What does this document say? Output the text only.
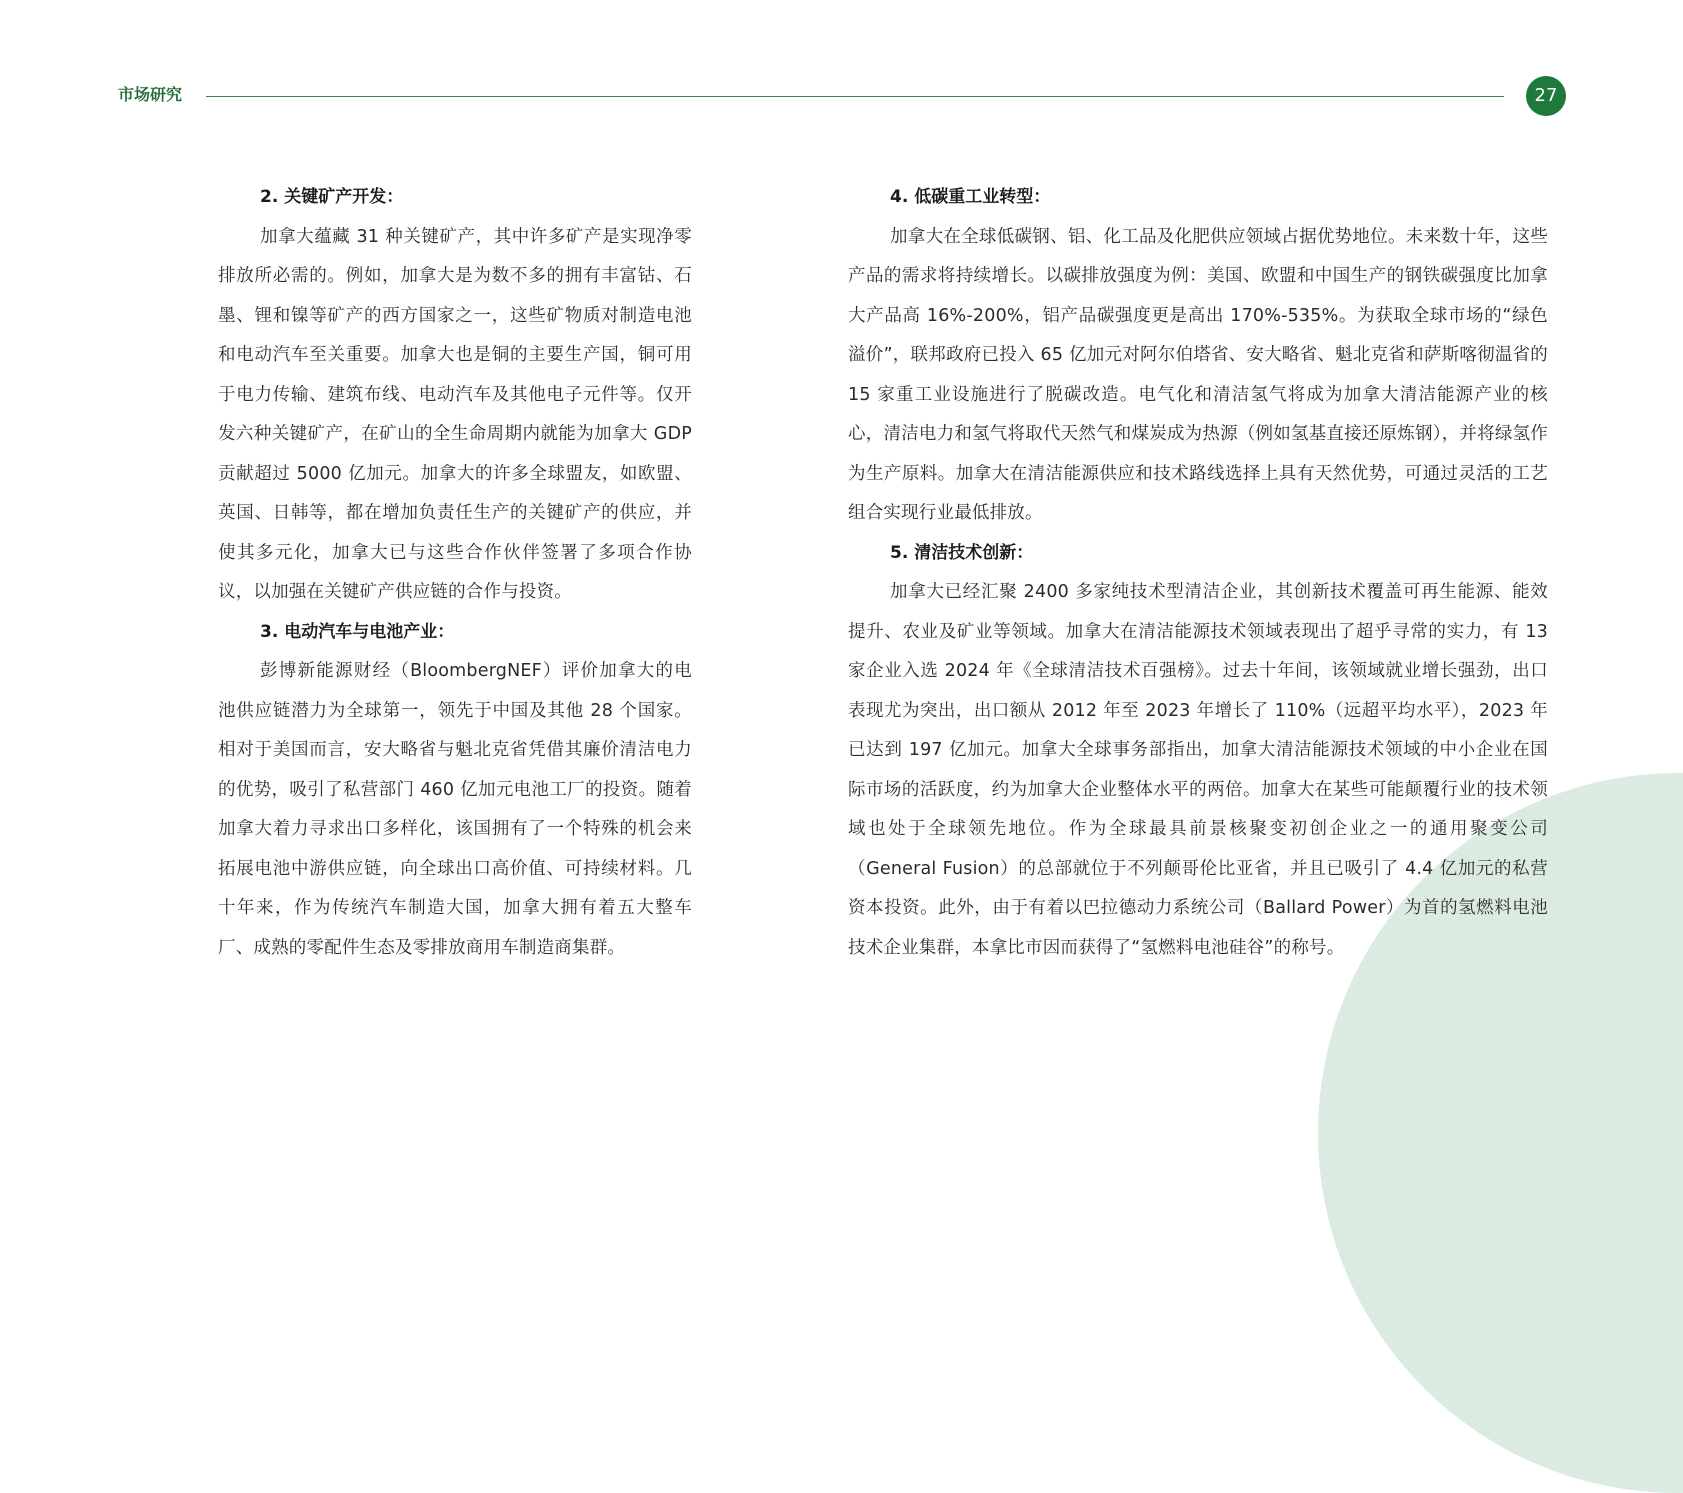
市场研究	27
2. 关键矿产开发：

加拿大蕴藏 31 种关键矿产，其中许多矿产是实现净零排放所必需的。例如，加拿大是为数不多的拥有丰富钴、石墨、锂和镍等矿产的西方国家之一，这些矿物质对制造电池和电动汽车至关重要。加拿大也是铜的主要生产国，铜可用于电力传输、建筑布线、电动汽车及其他电子元件等。仅开发六种关键矿产，在矿山的全生命周期内就能为加拿大 GDP 贡献超过 5000 亿加元。加拿大的许多全球盟友，如欧盟、英国、日韩等，都在增加负责任生产的关键矿产的供应，并使其多元化，加拿大已与这些合作伙伴签署了多项合作协议，以加强在关键矿产供应链的合作与投资。

3. 电动汽车与电池产业：

彭博新能源财经（BloombergNEF）评价加拿大的电池供应链潜力为全球第一，领先于中国及其他 28 个国家。相对于美国而言，安大略省与魁北克省凭借其廉价清洁电力的优势，吸引了私营部门 460 亿加元电池工厂的投资。随着加拿大着力寻求出口多样化，该国拥有了一个特殊的机会来拓展电池中游供应链，向全球出口高价值、可持续材料。几十年来，作为传统汽车制造大国，加拿大拥有着五大整车厂、成熟的零配件生态及零排放商用车制造商集群。

4. 低碳重工业转型：

加拿大在全球低碳钢、铝、化工品及化肥供应领域占据优势地位。未来数十年，这些产品的需求将持续增长。以碳排放强度为例：美国、欧盟和中国生产的钢铁碳强度比加拿大产品高 16%-200%，铝产品碳强度更是高出 170%-535%。为获取全球市场的“绿色溢价”，联邦政府已投入 65 亿加元对阿尔伯塔省、安大略省、魁北克省和萨斯喀彻温省的 15 家重工业设施进行了脱碳改造。电气化和清洁氢气将成为加拿大清洁能源产业的核心，清洁电力和氢气将取代天然气和煤炭成为热源（例如氢基直接还原炼钢），并将绿氢作为生产原料。加拿大在清洁能源供应和技术路线选择上具有天然优势，可通过灵活的工艺组合实现行业最低排放。

5. 清洁技术创新：

加拿大已经汇聚 2400 多家纯技术型清洁企业，其创新技术覆盖可再生能源、能效提升、农业及矿业等领域。加拿大在清洁能源技术领域表现出了超乎寻常的实力，有 13 家企业入选 2024 年《全球清洁技术百强榜》。过去十年间，该领域就业增长强劲，出口表现尤为突出，出口额从 2012 年至 2023 年增长了 110%（远超平均水平），2023 年已达到 197 亿加元。加拿大全球事务部指出，加拿大清洁能源技术领域的中小企业在国际市场的活跃度，约为加拿大企业整体水平的两倍。加拿大在某些可能颠覆行业的技术领域也处于全球领先地位。作为全球最具前景核聚变初创企业之一的通用聚变公司（General Fusion）的总部就位于不列颠哥伦比亚省，并且已吸引了 4.4 亿加元的私营资本投资。此外，由于有着以巴拉德动力系统公司（Ballard Power）为首的氢燃料电池技术企业集群，本拿比市因而获得了“氢燃料电池硅谷”的称号。
